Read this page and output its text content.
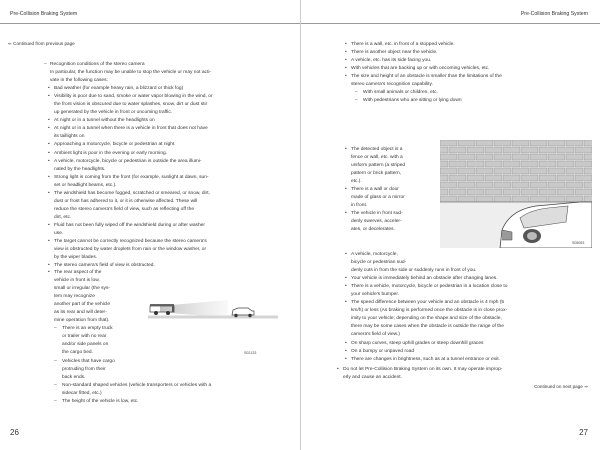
Pre-Collision Braking System
⇐ Continued from previous page
– Recognition conditions of the stereo camera

In particular, the function may be unable to stop the vehicle or may not acti-

vate in the following cases:

• Bad weather (for example heavy rain, a blizzard or thick fog)

• Visibility is poor due to sand, smoke or water vapor blowing in the wind, or

the front vision is obscured due to water splashes, snow, dirt or dust stir

up generated by the vehicle in front or oncoming traffic.

• At night or in a tunnel without the headlights on

• At night or in a tunnel when there is a vehicle in front that does not have

its taillights on

• Approaching a motorcycle, bicycle or pedestrian at night

• Ambient light is poor in the evening or early morning.

• A vehicle, motorcycle, bicycle or pedestrian is outside the area illumi-

nated by the headlights.

• Strong light is coming from the front (for example, sunlight at dawn, sun-

set or headlight beams, etc.).

• The windshield has become fogged, scratched or smeared, or snow, dirt,

dust or frost has adhered to it, or it is otherwise affected. These will

reduce the stereo camera's field of view, such as reflecting off the

dirt, etc.

• Fluid has not been fully wiped off the windshield during or after washer

use.

• The target cannot be correctly recognized because the stereo camera's

view is obstructed by water droplets from rain or the window washer, or

by the wiper blades.

• The stereo camera's field of view is obstructed.

• The rear aspect of the

vehicle in front is low,

small or irregular (the sys-

tem may recognize

another part of the vehicle

as its rear and will deter-

mine operation from that).

– There is an empty truck

or trailer with no rear

and/or side panels on

the cargo bed.

– Vehicles that have cargo

protruding from their

back ends.

– Non-standard shaped vehicles (vehicle transporters or vehicles with a

sidecar fitted, etc.)

– The height of the vehicle is low, etc.

S02133
26
Pre-Collision Braking System

• There is a wall, etc. in front of a stopped vehicle.

• There is another object near the vehicle.

• A vehicle, etc. has its side facing you.

• With vehicles that are backing up or with oncoming vehicles, etc.

• The size and height of an obstacle is smaller than the limitations of the

stereo camera's recognition capability.

– With small animals or children, etc.
– With pedestrians who are sitting or lying down

• The detected object is a

fence or wall, etc. with a

uniform pattern (a striped

pattern or brick pattern,

etc.).

• There is a wall or door

made of glass or a mirror

in front.

• The vehicle in front sud-

denly swerves, acceler-

ates, or decelerates.

• A vehicle, motorcycle,

bicycle or pedestrian sud-

denly cuts in from the side or suddenly runs in front of you.

• Your vehicle is immediately behind an obstacle after changing lanes.

• There is a vehicle, motorcycle, bicycle or pedestrian in a location close to

your vehicle's bumper.

• The speed difference between your vehicle and an obstacle is 4 mph (5

km/h) or less (As braking is performed once the obstacle is in close prox-

imity to your vehicle; depending on the shape and size of the obstacle,

there may be some cases when the obstacle is outside the range of the

camera's field of view.)

• On sharp curves, steep uphill grades or steep downhill graces

• On a bumpy or unpaved road

• There are changes in brightness, such as at a tunnel entrance or exit.

• Do not let Pre-Collision Braking System on its own. It may operate improp-

erly and cause an accident.

S05053
Continued on next page ⇒
27
